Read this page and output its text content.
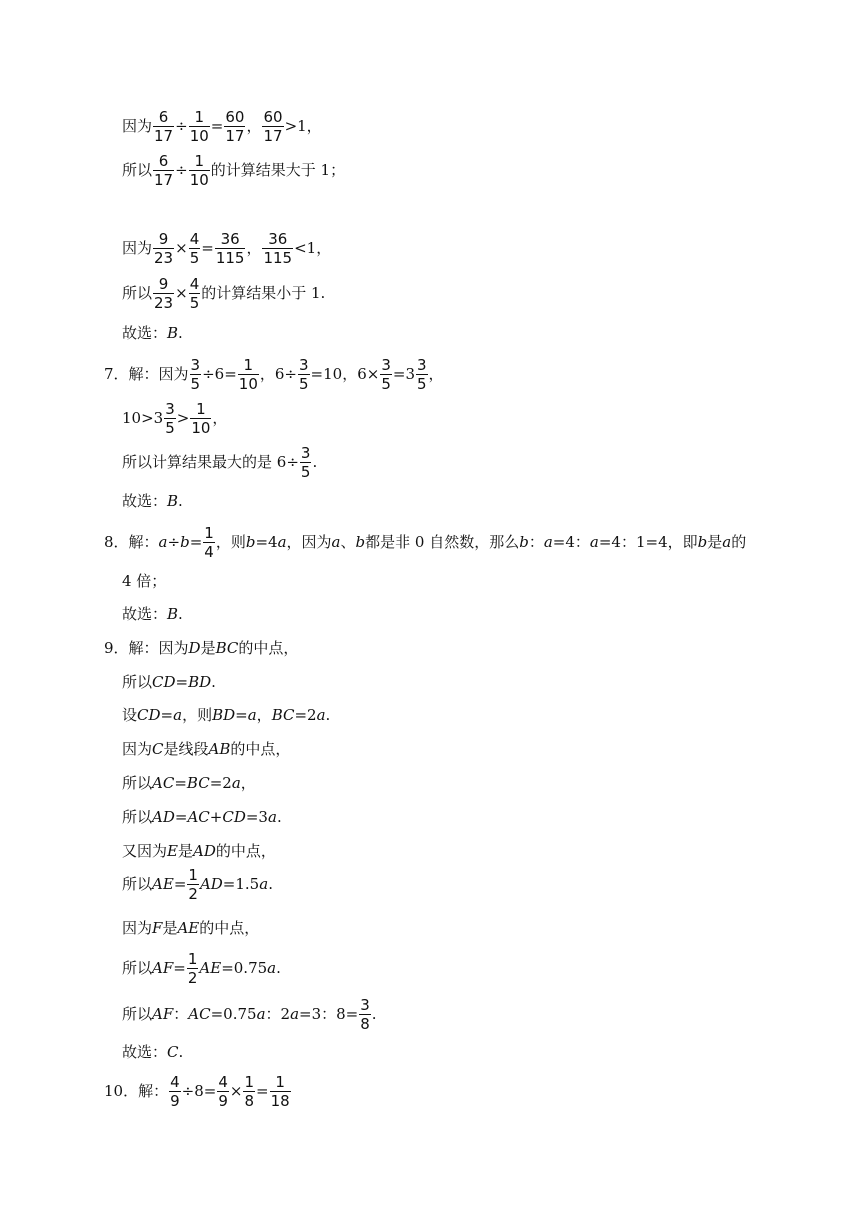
因为 $\frac{6}{17} \div \frac{1}{10} = \frac{60}{17}$ ， $\frac{60}{17} >1$，
所以 $\frac{6}{17} \div \frac{1}{10}$ 的计算结果大于 1；
因为 $\frac{9}{23} \times \frac{4}{5} = \frac{36}{115}$ ， $\frac{36}{115} <1$，
所以 $\frac{9}{23} \times \frac{4}{5}$ 的计算结果小于 1.
故选： B .
7．解：因为 $\frac{3}{5} \div 6= \frac{1}{10}$ ，$6\div \frac{3}{5} =10$，$6\times \frac{3}{5} =3 \frac{3}{5}$ ，
$10>3 \frac{3}{5} > \frac{1}{10}$ ，
所以计算结果最大的是 $6\div \frac{3}{5}$ .
故选： B .
8．解： $a \div b = \frac{1}{4}$ ，则 b =4 a ，因为 a 、 b 都是非 0 自然数，那么 b ： a =4： a =4：1=4，即 b 是 a 的
4 倍；
故选： B .
9．解：因为 D 是 BC 的中点，
所以 CD = BD .
设 CD = a ，则 BD = a ， BC =2 a .
因为 C 是线段 AB 的中点，
所以 AC = BC =2 a ，
所以 AD = AC + CD =3 a .
又因为 E 是 AD 的中点，
所以 AE = $\frac{1}{2}$ AD =1.5 a .
因为 F 是 AE 的中点，
所以 AF = $\frac{1}{2}$ AE =0.75 a .
所以 AF ： AC =0.75 a ：2 a =3：$8= \frac{3}{8}$ .
故选： C .
10．解： $\frac{4}{9} \div 8= \frac{4}{9} \times \frac{1}{8} = \frac{1}{18}$
